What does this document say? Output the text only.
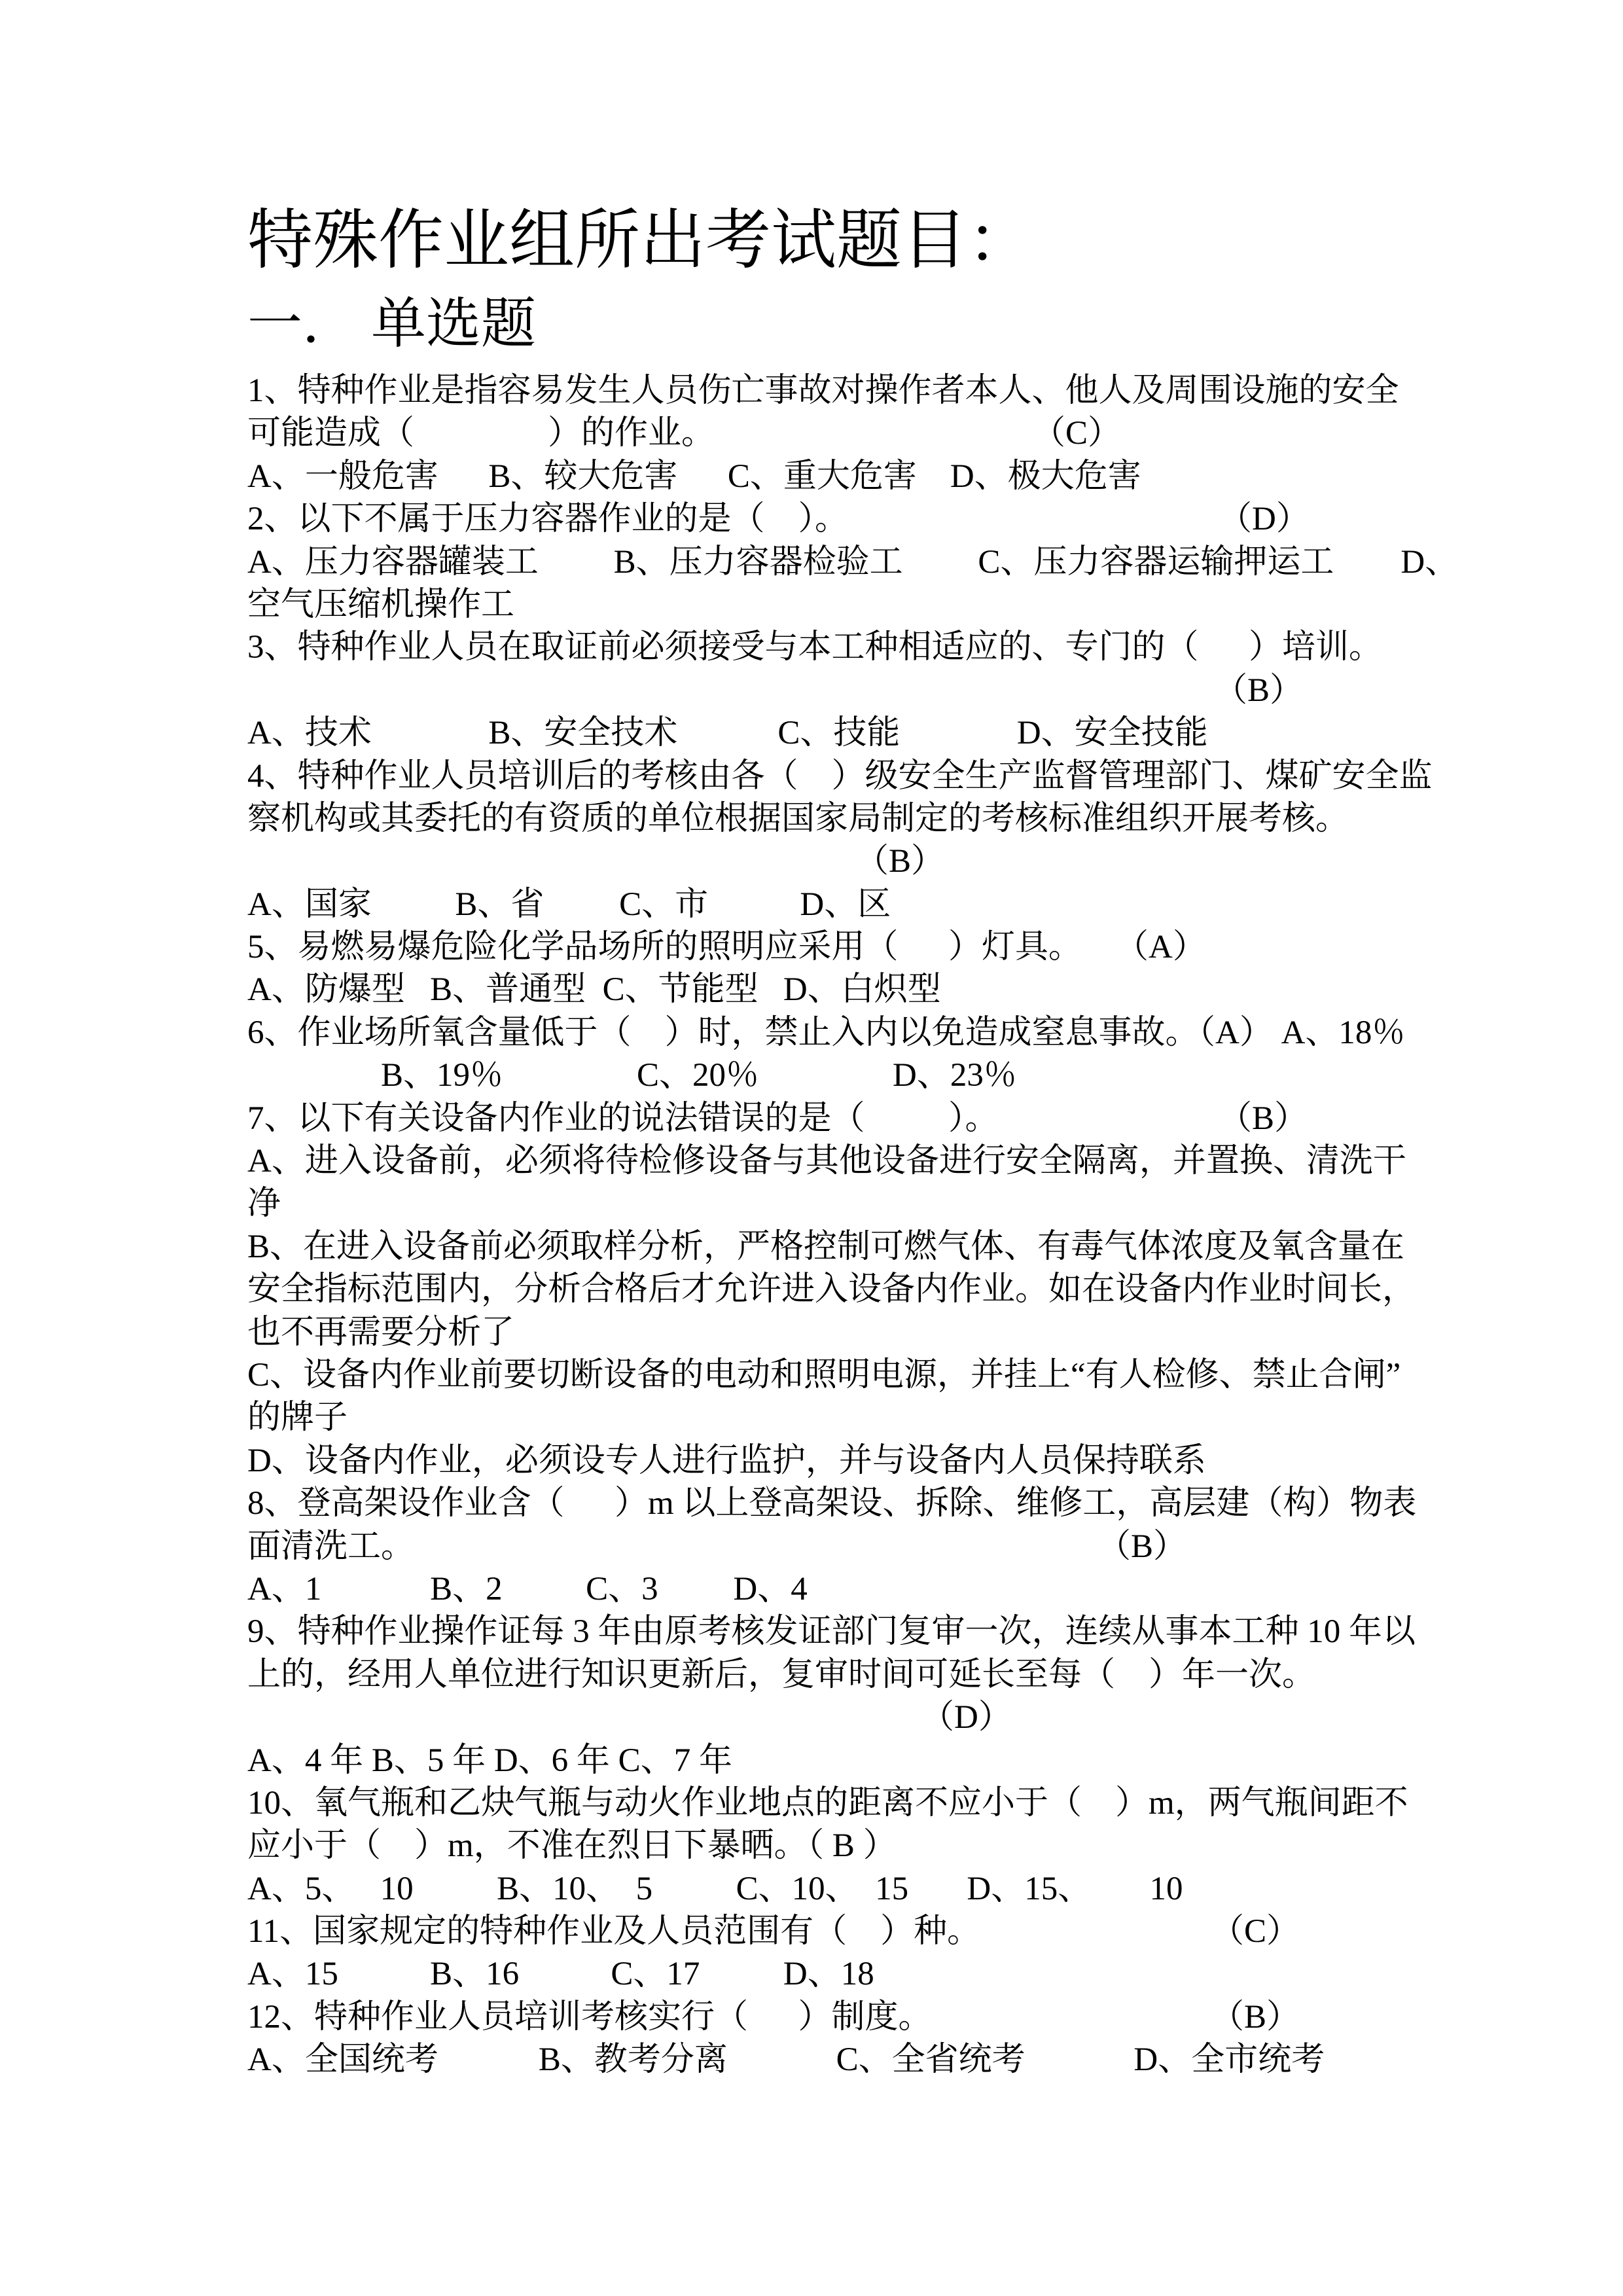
特殊作业组所出考试题目：
一． 单选题
1、特种作业是指容易发生人员伤亡事故对操作者本人、他人及周围设施的安全
可能造成（                ）的作业。	（C）
A、一般危害      B、较大危害      C、重大危害    D、极大危害
2、以下不属于压力容器作业的是（    ）。	（D）
A、压力容器罐装工         B、压力容器检验工         C、压力容器运输押运工        D、
空气压缩机操作工
3、特种作业人员在取证前必须接受与本工种相适应的、专门的（      ）培训。
（B）
A、技术              B、安全技术            C、技能              D、安全技能
4、特种作业人员培训后的考核由各（    ）级安全生产监督管理部门、煤矿安全监
察机构或其委托的有资质的单位根据国家局制定的考核标准组织开展考核。
（B）
A、国家          B、省         C、市           D、区
5、易燃易爆危险化学品场所的照明应采用（      ）灯具。 （A）
A、防爆型   B、普通型  C、节能型   D、白炽型
6、作业场所氧含量低于（    ）时，禁止入内以免造成窒息事故。（A） A、18％
B、19％                C、20％                D、23％
7、以下有关设备内作业的说法错误的是（          ）。	（B）
A、进入设备前，必须将待检修设备与其他设备进行安全隔离，并置换、清洗干
净
B、在进入设备前必须取样分析，严格控制可燃气体、有毒气体浓度及氧含量在
安全指标范围内，分析合格后才允许进入设备内作业。如在设备内作业时间长，
也不再需要分析了
C、设备内作业前要切断设备的电动和照明电源，并挂上“有人检修、禁止合闸”
的牌子
D、设备内作业，必须设专人进行监护，并与设备内人员保持联系
8、登高架设作业含（      ）m 以上登高架设、拆除、维修工，高层建（构）物表
面清洗工。	（B）
A、1             B、2          C、3         D、4
9、特种作业操作证每 3 年由原考核发证部门复审一次，连续从事本工种 10 年以
上的，经用人单位进行知识更新后，复审时间可延长至每（    ）年一次。
（D）
A、4 年 B、5 年 D、6 年 C、7 年
10、氧气瓶和乙炔气瓶与动火作业地点的距离不应小于（    ）m，两气瓶间距不
应小于（    ）m，不准在烈日下暴晒。（ B ）
A、5、   10          B、10、  5          C、10、  15       D、15、       10
11、国家规定的特种作业及人员范围有（    ）种。	（C）
A、15           B、16           C、17          D、18
12、特种作业人员培训考核实行（      ）制度。	（B）
A、全国统考            B、教考分离             C、全省统考             D、全市统考
